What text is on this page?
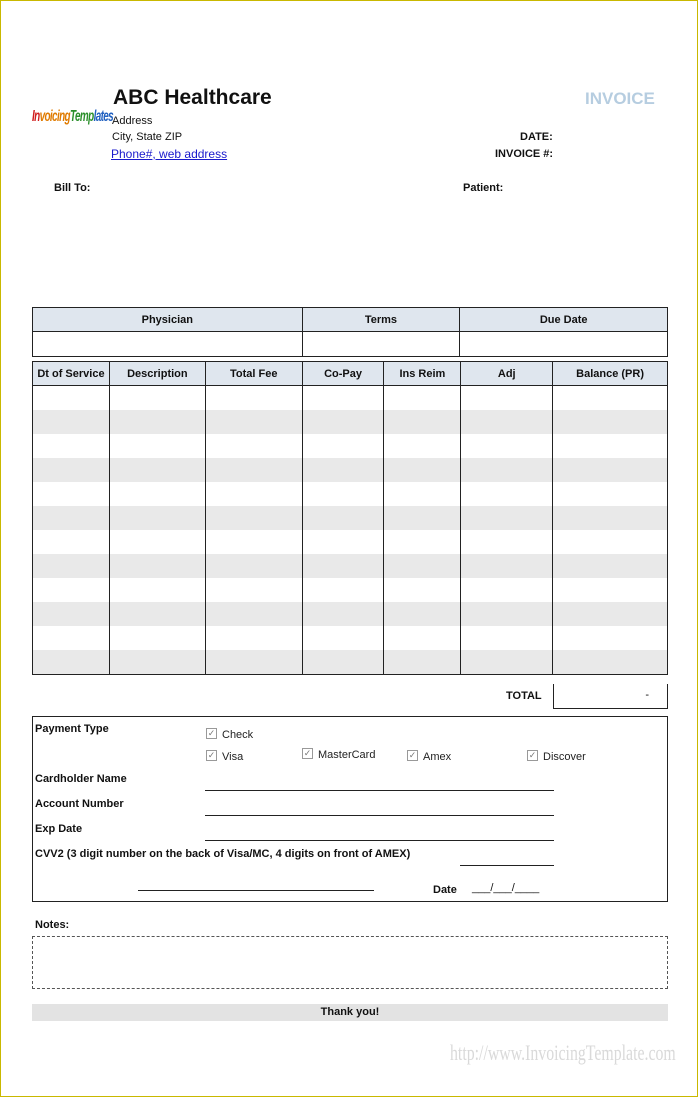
InvoicingTemplates
ABC Healthcare
Address
City, State ZIP
Phone#, web address
INVOICE
DATE:
INVOICE #:
Bill To:	Patient:
Physician	Terms	Due Date

Dt of Service	Description	Total Fee	Co-Pay	Ins Reim	Adj	Balance (PR)

TOTAL	-
Payment Type	✓ Check
✓ Visa	✓ MasterCard	✓ Amex	✓ Discover
Cardholder Name
Account Number
Exp Date
CVV2 (3 digit number on the back of Visa/MC, 4 digits on front of AMEX)
Date ___/___/____
Notes:
Thank you!
http://www.InvoicingTemplate.com
